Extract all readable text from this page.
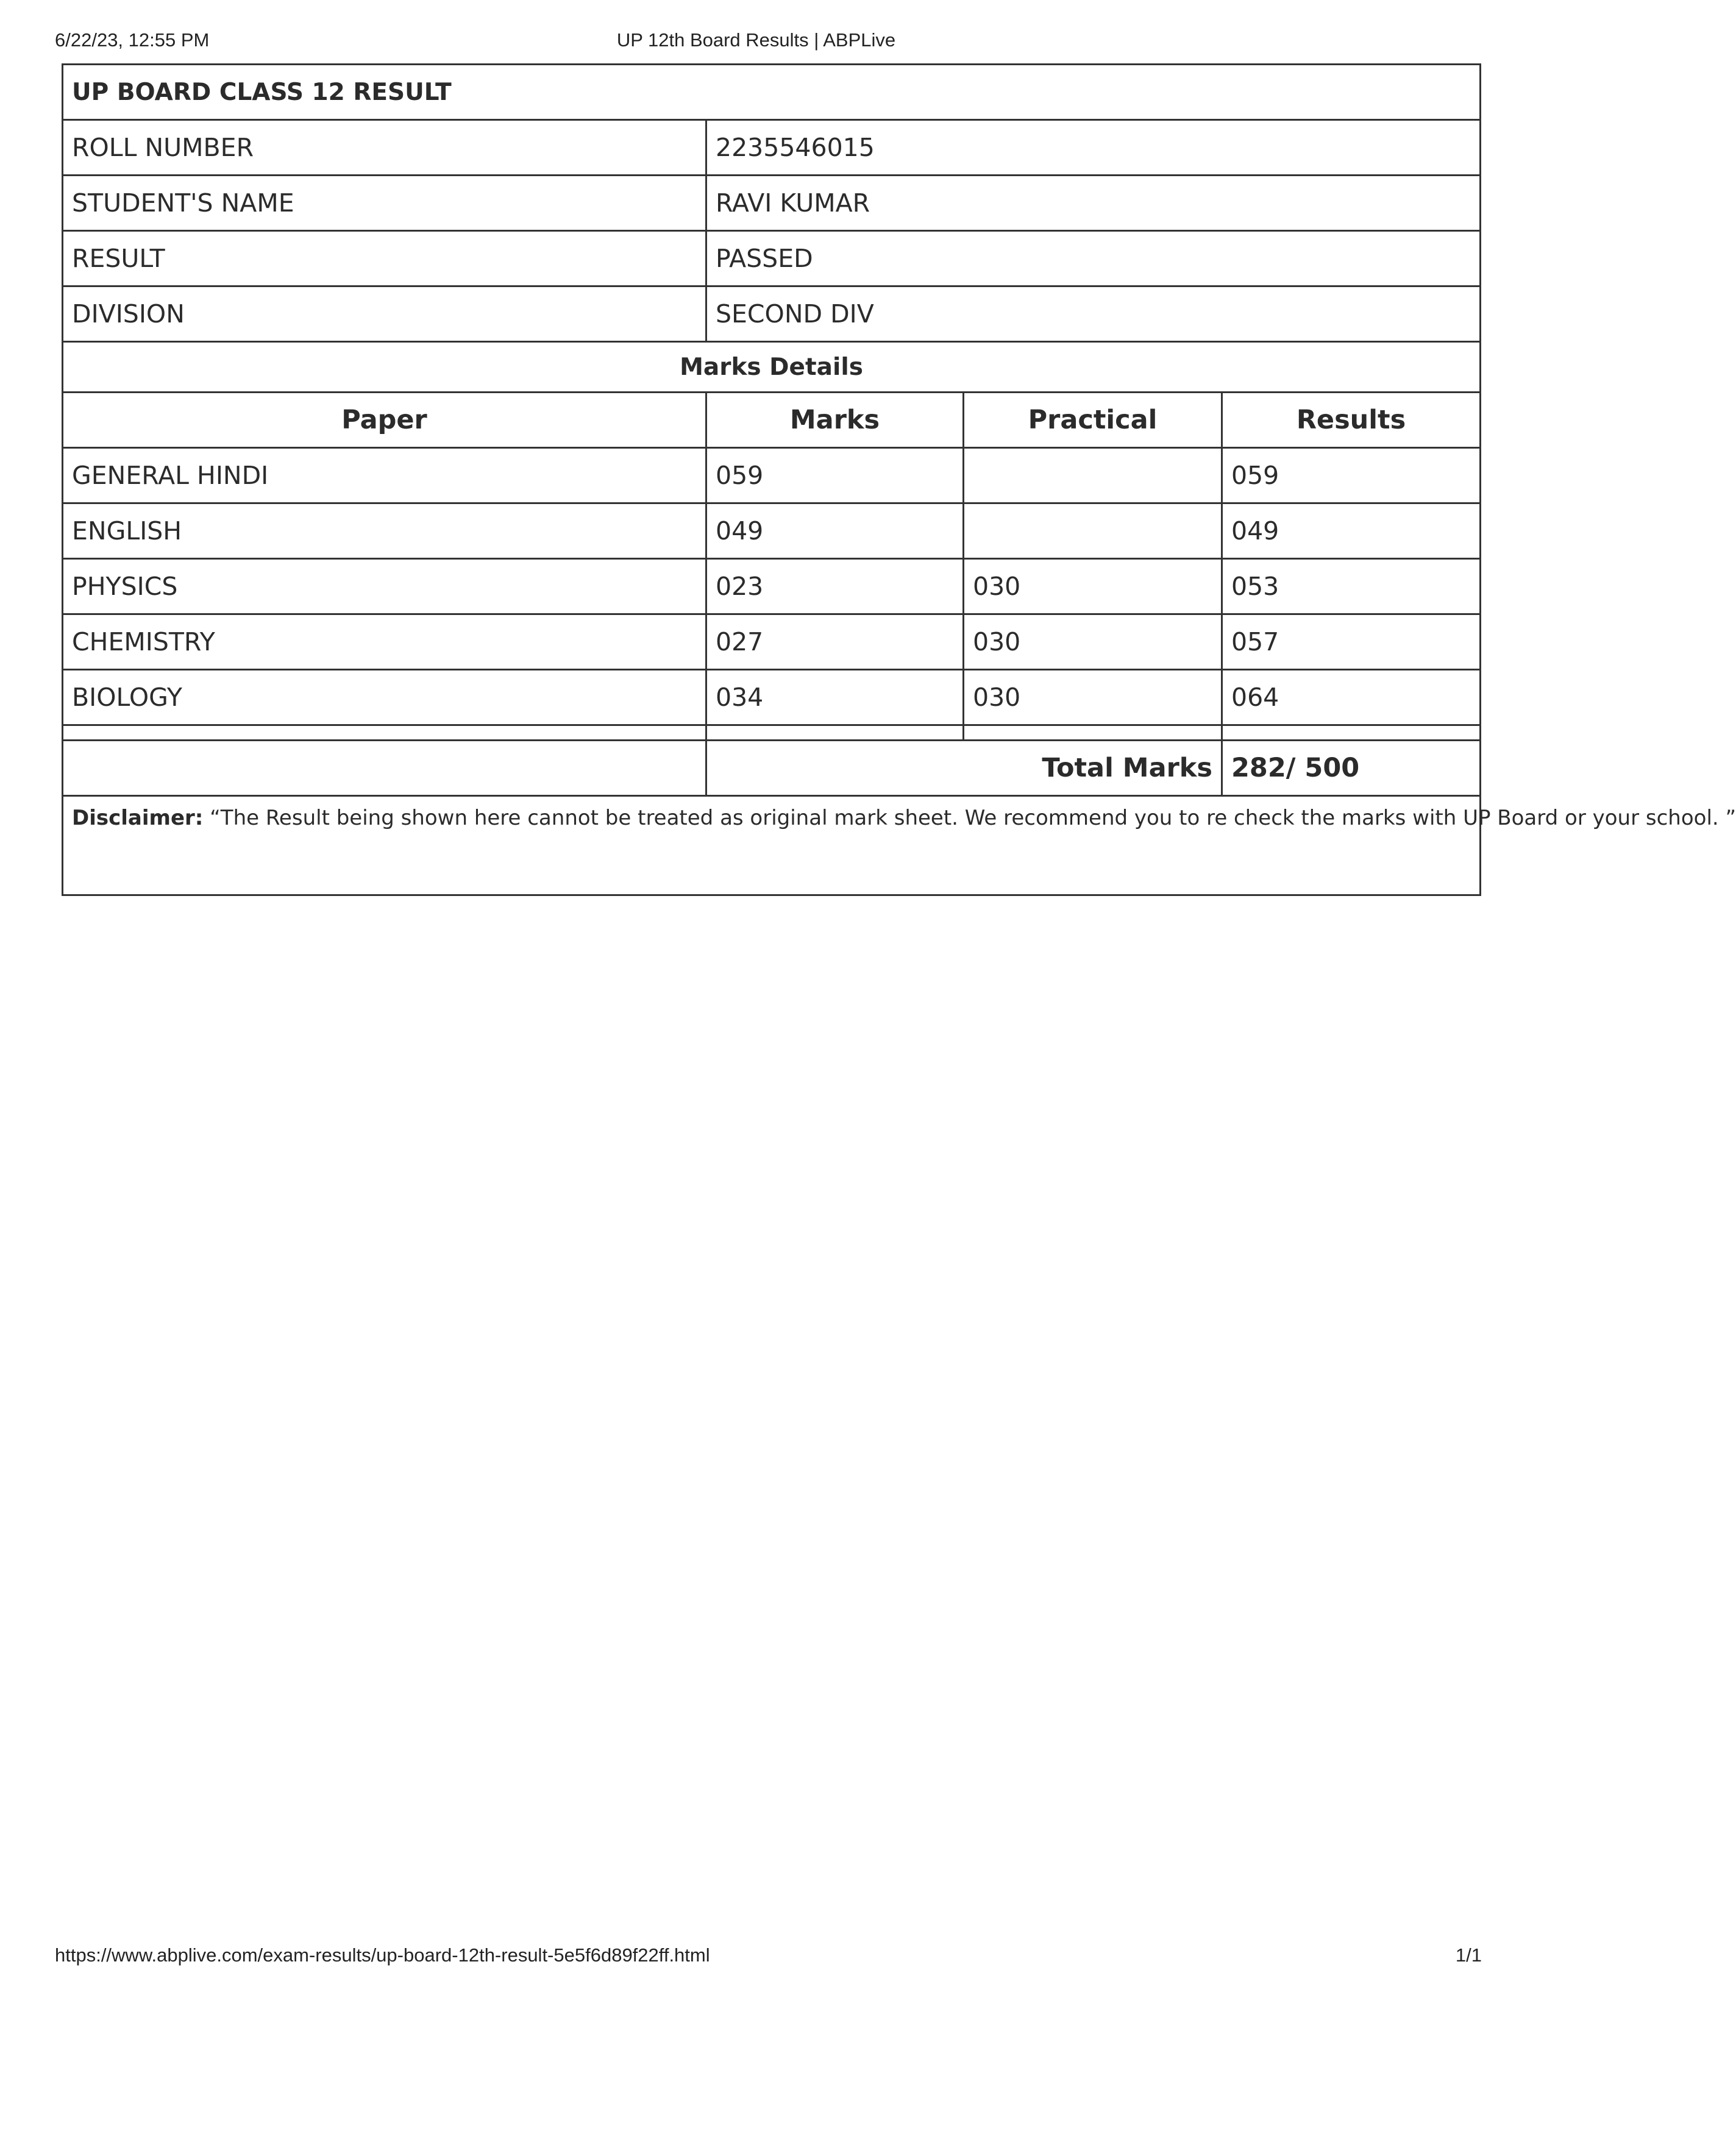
6/22/23, 12:55 PM	UP 12th Board Results | ABPLive
UP BOARD CLASS 12 RESULT			
ROLL NUMBER	2235546015		
STUDENT'S NAME	RAVI KUMAR		
RESULT	PASSED		
DIVISION	SECOND DIV		
Marks Details			
Paper	Marks	Practical	Results
GENERAL HINDI	059		059
ENGLISH	049		049
PHYSICS	023	030	053
CHEMISTRY	027	030	057
BIOLOGY	034	030	064

	Total Marks		282/ 500
Disclaimer: “The Result being shown here cannot be treated as original mark sheet. We recommend you to re check the marks with UP Board or your school. ”			
https://www.abplive.com/exam-results/up-board-12th-result-5e5f6d89f22ff.html	1/1
